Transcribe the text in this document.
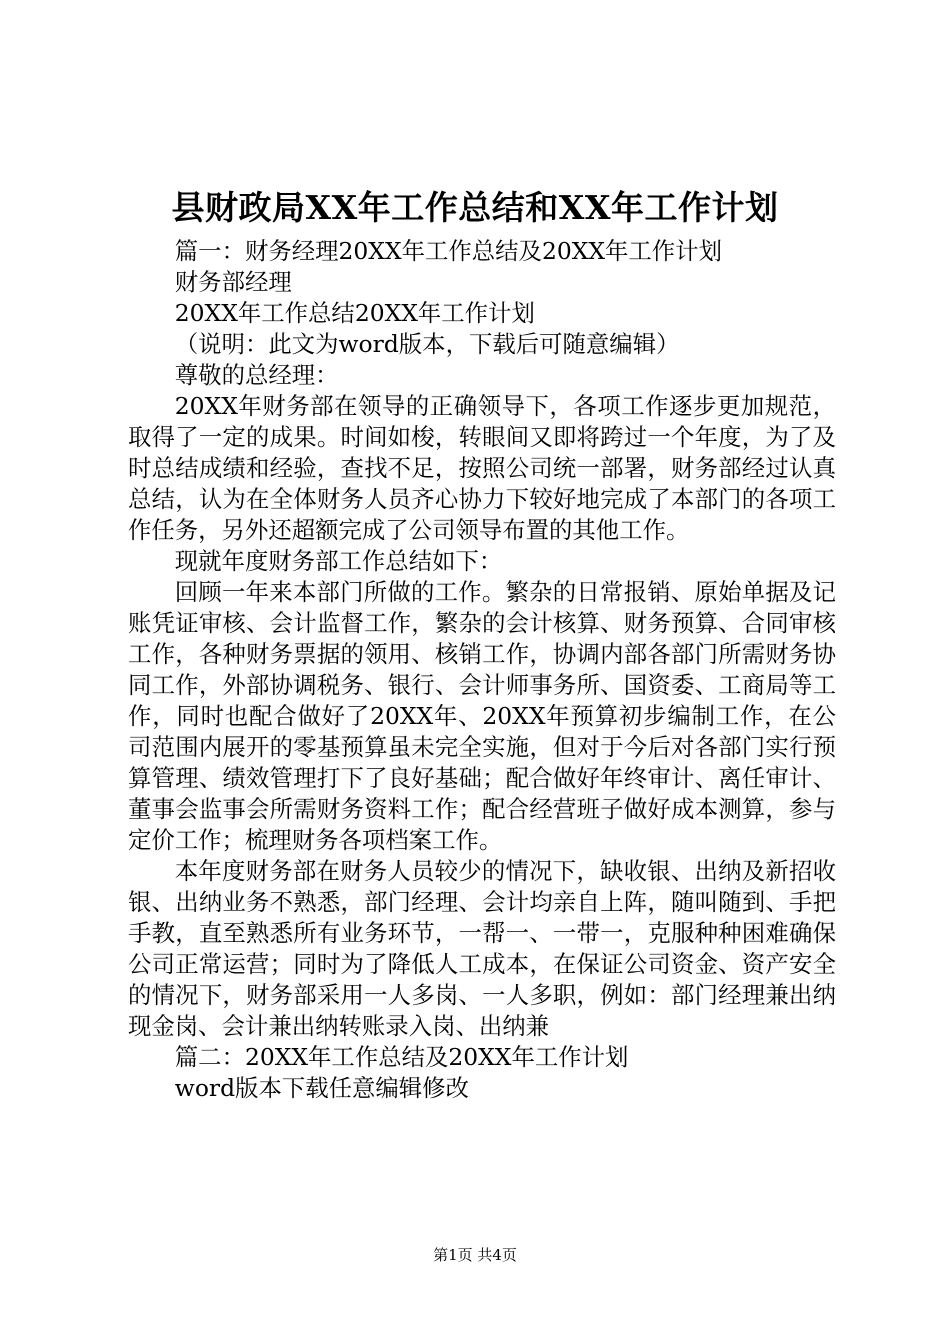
县财政局XX年工作总结和XX年工作计划

篇一：财务经理20XX年工作总结及20XX年工作计划

财务部经理

20XX年工作总结20XX年工作计划

（说明：此文为word版本，下载后可随意编辑）

尊敬的总经理：

20XX年财务部在领导的正确领导下，各项工作逐步更加规范，取得了一定的成果。时间如梭，转眼间又即将跨过一个年度，为了及时总结成绩和经验，查找不足，按照公司统一部署，财务部经过认真总结，认为在全体财务人员齐心协力下较好地完成了本部门的各项工作任务，另外还超额完成了公司领导布置的其他工作。

现就年度财务部工作总结如下：

回顾一年来本部门所做的工作。繁杂的日常报销、原始单据及记账凭证审核、会计监督工作，繁杂的会计核算、财务预算、合同审核工作，各种财务票据的领用、核销工作，协调内部各部门所需财务协同工作，外部协调税务、银行、会计师事务所、国资委、工商局等工作，同时也配合做好了20XX年、20XX年预算初步编制工作，在公司范围内展开的零基预算虽未完全实施，但对于今后对各部门实行预算管理、绩效管理打下了良好基础；配合做好年终审计、离任审计、董事会监事会所需财务资料工作；配合经营班子做好成本测算，参与定价工作；梳理财务各项档案工作。

本年度财务部在财务人员较少的情况下，缺收银、出纳及新招收银、出纳业务不熟悉，部门经理、会计均亲自上阵，随叫随到、手把手教，直至熟悉所有业务环节，一帮一、一带一，克服种种困难确保公司正常运营；同时为了降低人工成本，在保证公司资金、资产安全的情况下，财务部采用一人多岗、一人多职，例如：部门经理兼出纳现金岗、会计兼出纳转账录入岗、出纳兼

篇二：20XX年工作总结及20XX年工作计划

word版本下载任意编辑修改

第1页 共4页
